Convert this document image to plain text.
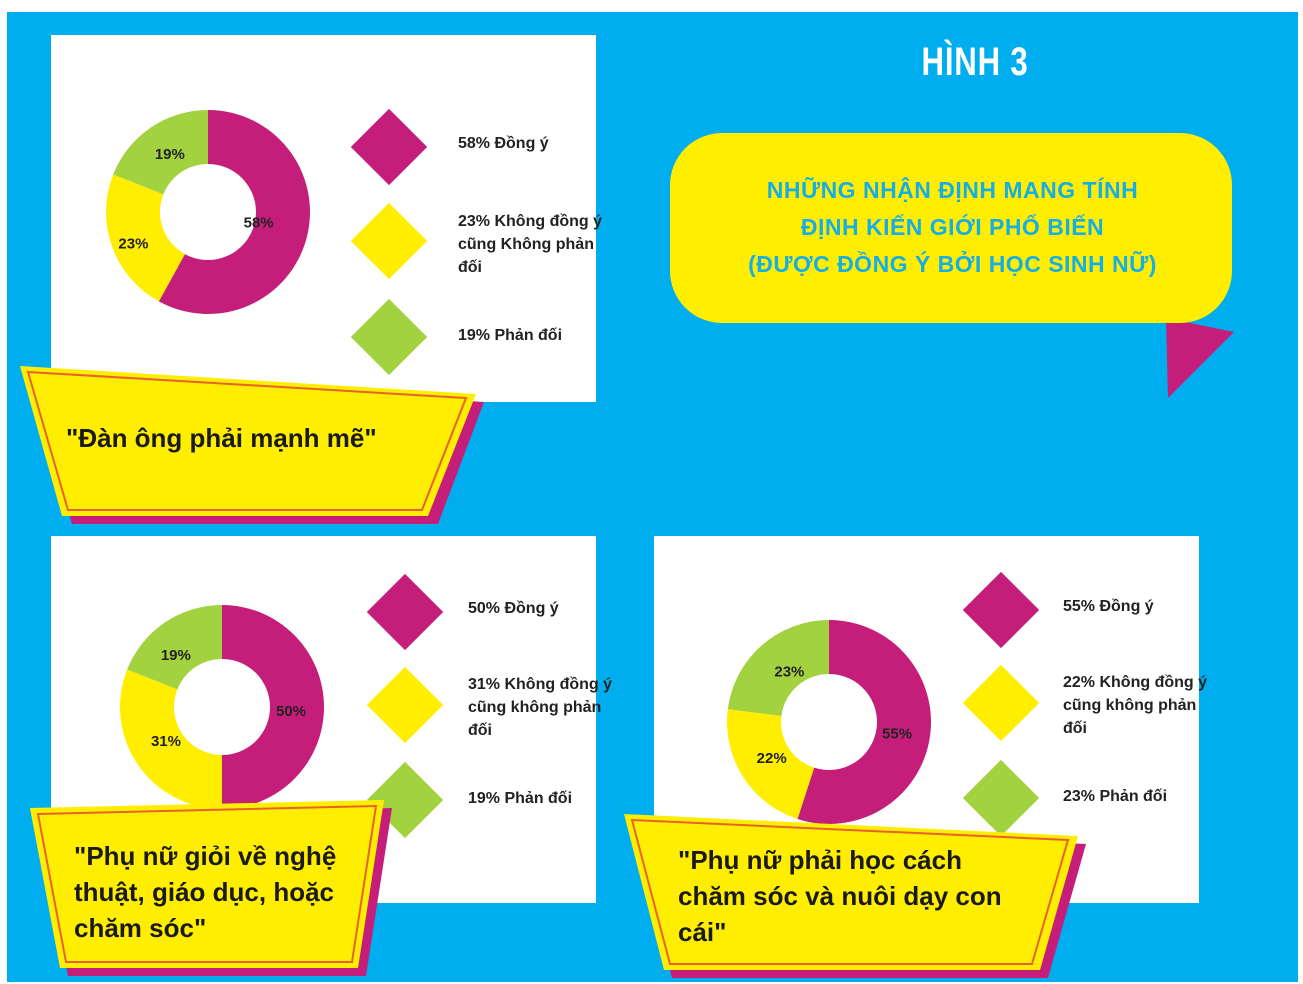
58%
23%
19%
50%
31%
19%
55%
22%
23%
58% Đồng ý
23% Không đồng ý cũng Không phản đối
19% Phản đối
50% Đồng ý
31% Không đồng ý cũng không phản đối
19% Phản đối
55% Đồng ý
22% Không đồng ý cũng không phản đối
23% Phản đối
"Đàn ông phải mạnh mẽ"
"Phụ nữ giỏi về nghệ thuật, giáo dục, hoặc chăm sóc"
"Phụ nữ phải học cách chăm sóc và nuôi dạy con cái"
HÌNH 3
NHỮNG NHẬN ĐỊNH MANG TÍNH
ĐỊNH KIẾN GIỚI PHỔ BIẾN
(ĐƯỢC ĐỒNG Ý BỞI HỌC SINH NỮ)
